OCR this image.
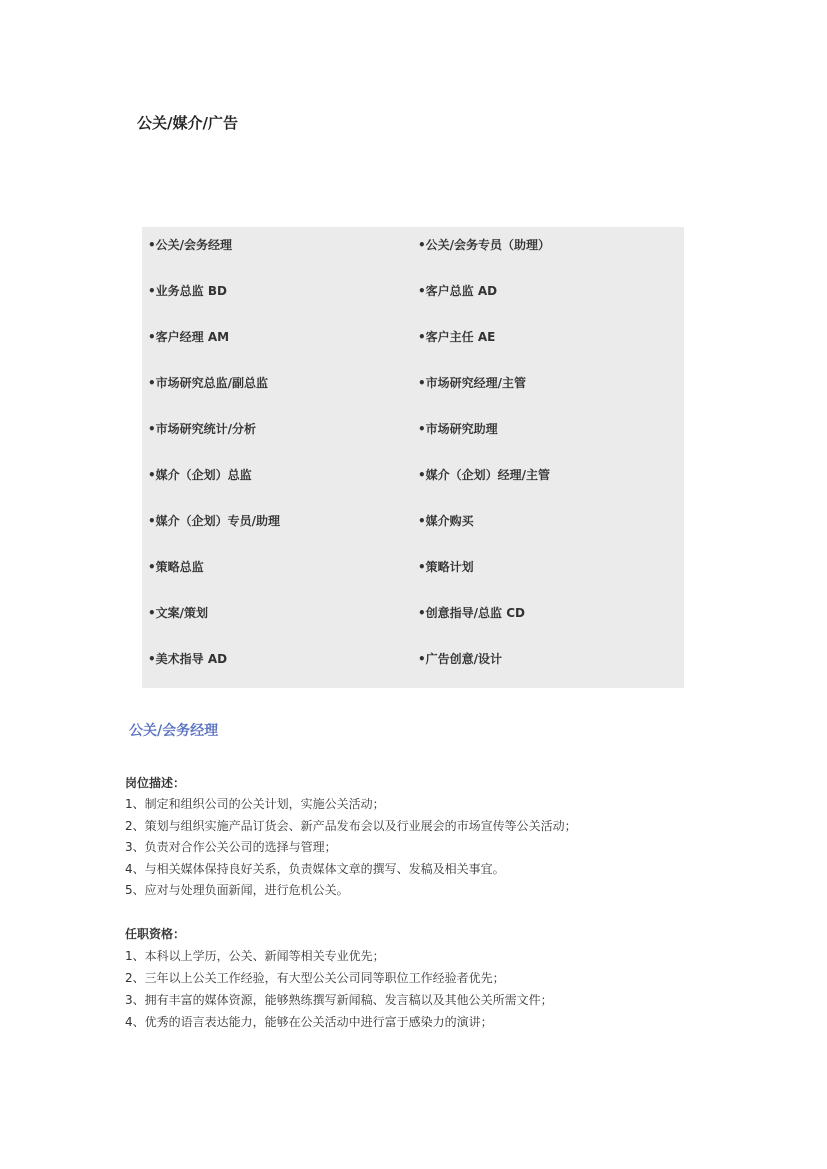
公关/媒介/广告
•公关/会务经理
•业务总监 BD
•客户经理 AM
•市场研究总监/副总监
•市场研究统计/分析
•媒介（企划）总监
•媒介（企划）专员/助理
•策略总监
•文案/策划
•美术指导 AD
•公关/会务专员（助理）
•客户总监 AD
•客户主任 AE
•市场研究经理/主管
•市场研究助理
•媒介（企划）经理/主管
•媒介购买
•策略计划
•创意指导/总监 CD
•广告创意/设计
公关/会务经理
岗位描述：
1、制定和组织公司的公关计划，实施公关活动；
2、策划与组织实施产品订货会、新产品发布会以及行业展会的市场宣传等公关活动；
3、负责对合作公关公司的选择与管理；
4、与相关媒体保持良好关系，负责媒体文章的撰写、发稿及相关事宜。
5、应对与处理负面新闻，进行危机公关。
任职资格：
1、本科以上学历，公关、新闻等相关专业优先；
2、三年以上公关工作经验，有大型公关公司同等职位工作经验者优先；
3、拥有丰富的媒体资源，能够熟练撰写新闻稿、发言稿以及其他公关所需文件；
4、优秀的语言表达能力，能够在公关活动中进行富于感染力的演讲；
